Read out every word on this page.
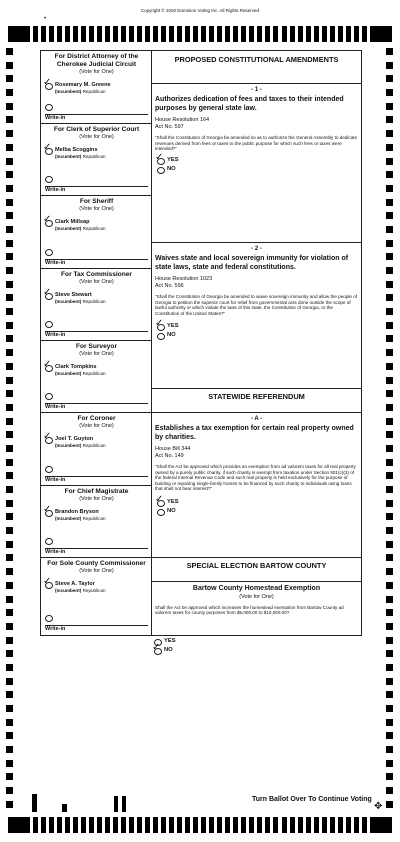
Copyright © 2020 Dominion Voting Inc. All Rights Reserved
•
For District Attorney of the Cherokee Judicial Circuit
(Vote for One)
✓ Rosemary M. Greene
(Incumbent) Republican
Write-in
For Clerk of Superior Court
(Vote for One)
✓ Melba Scoggins
(Incumbent) Republican
Write-in
For Sheriff
(Vote for One)
✓ Clark Millsap
(Incumbent) Republican
Write-in
For Tax Commissioner
(Vote for One)
✓ Steve Stewart
(Incumbent) Republican
Write-in
For Surveyor
(Vote for One)
✓ Clark Tompkins
(Incumbent) Republican
Write-in
For Coroner
(Vote for One)
✓ Joel T. Guyton
(Incumbent) Republican
Write-in
For Chief Magistrate
(Vote for One)
✓ Brandon Bryson
(Incumbent) Republican
Write-in
For Sole County Commissioner
(Vote for One)
✓ Steve A. Taylor
(Incumbent) Republican
Write-in
PROPOSED CONSTITUTIONAL AMENDMENTS
- 1 -
Authorizes dedication of fees and taxes to their intended purposes by general state law.
House Resolution 164
Act No. 597
"Shall the Constitution of Georgia be amended so as to authorize the General Assembly to dedicate revenues derived from fees or taxes to the public purpose for which such fees or taxes were intended?"
✓ YES
NO
- 2 -
Waives state and local sovereign immunity for violation of state laws, state and federal constitutions.
House Resolution 1023
Act No. 596
"Shall the Constitution of Georgia be amended to waive sovereign immunity and allow the people of Georgia to petition the superior court for relief from governmental acts done outside the scope of lawful authority or which violate the laws of this state, the Constitution of Georgia, or the Constitution of the United States?"
✓ YES
NO
STATEWIDE REFERENDUM
- A -
Establishes a tax exemption for certain real property owned by charities.
House Bill 344
Act No. 149
"Shall the Act be approved which provides an exemption from ad valorem taxes for all real property owned by a purely public charity, if such charity is exempt from taxation under Section 501(c)(3) of the federal Internal Revenue Code and such real property is held exclusively for the purpose of building or repairing single-family homes to be financed by such charity to individuals using loans that shall not bear interest?"
✓ YES
NO
SPECIAL ELECTION BARTOW COUNTY
Bartow County Homestead Exemption
(Vote for One)
Shall the Act be approved which increases the homestead exemption from Bartow County ad valorem taxes for county purposes from $5,000.00 to $10,000.00?
YES
✓ NO
Turn Ballot Over To Continue Voting
✥
